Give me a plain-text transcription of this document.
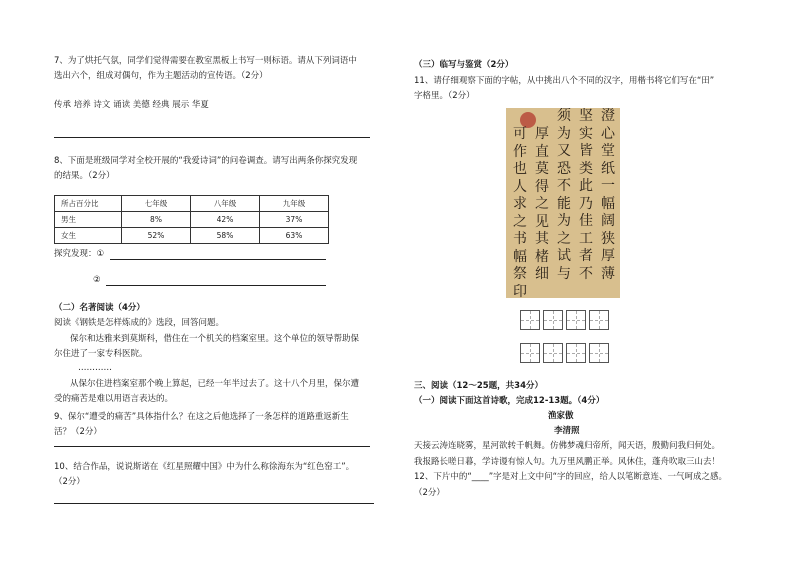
7、为了烘托气氛，同学们觉得需要在教室黑板上书写一则标语。请从下列词语中
选出六个，组成对偶句，作为主题活动的宣传语。（2分）
传承 培养 诗文 诵读 美德 经典 展示 华夏
8、下面是班级同学对全校开展的“我爱诗词”的问卷调查。请写出两条你探究发现
的结果。（2分）
所占百分比	七年级	八年级	九年级
男生	8%	42%	37%
女生	52%	58%	63%
探究发现：①
②
（二）名著阅读（4分）
阅读《钢铁是怎样炼成的》选段，回答问题。
保尔和达雅来到莫斯科，借住在一个机关的档案室里。这个单位的领导帮助保
尔住进了一家专科医院。
…………
从保尔住进档案室那个晚上算起，已经一年半过去了。这十八个月里，保尔遭
受的痛苦是难以用语言表达的。
9、保尔“遭受的痛苦”具体指什么？在这之后他选择了一条怎样的道路重返新生
活？（2分）
10、结合作品，说说斯诺在《红星照耀中国》中为什么称徐海东为“红色窑工”。
（2分）
（三）临写与鉴赏（2分）
11、请仔细观察下面的字帖，从中挑出八个不同的汉字，用楷书将它们写在“田”
字格里。（2分）
澄心堂纸一幅阔狭厚薄
坚实皆类此乃佳工者不
须为又恐不能为之试与
厚直莫得之见其楮细
可作也人求之书幅祭印
三、阅读（12～25题，共34分）
（一）阅读下面这首诗歌，完成12-13题。（4分）
渔家傲
李清照
天接云涛连晓雾，星河欲转千帆舞。仿佛梦魂归帝所，闻天语，殷勤问我归何处。
我报路长嗟日暮，学诗谩有惊人句。九万里风鹏正举。风休住，蓬舟吹取三山去！
12、下片中的“____”字是对上文中问“字的回应，给人以笔断意连、一气呵成之感。
（2分）
